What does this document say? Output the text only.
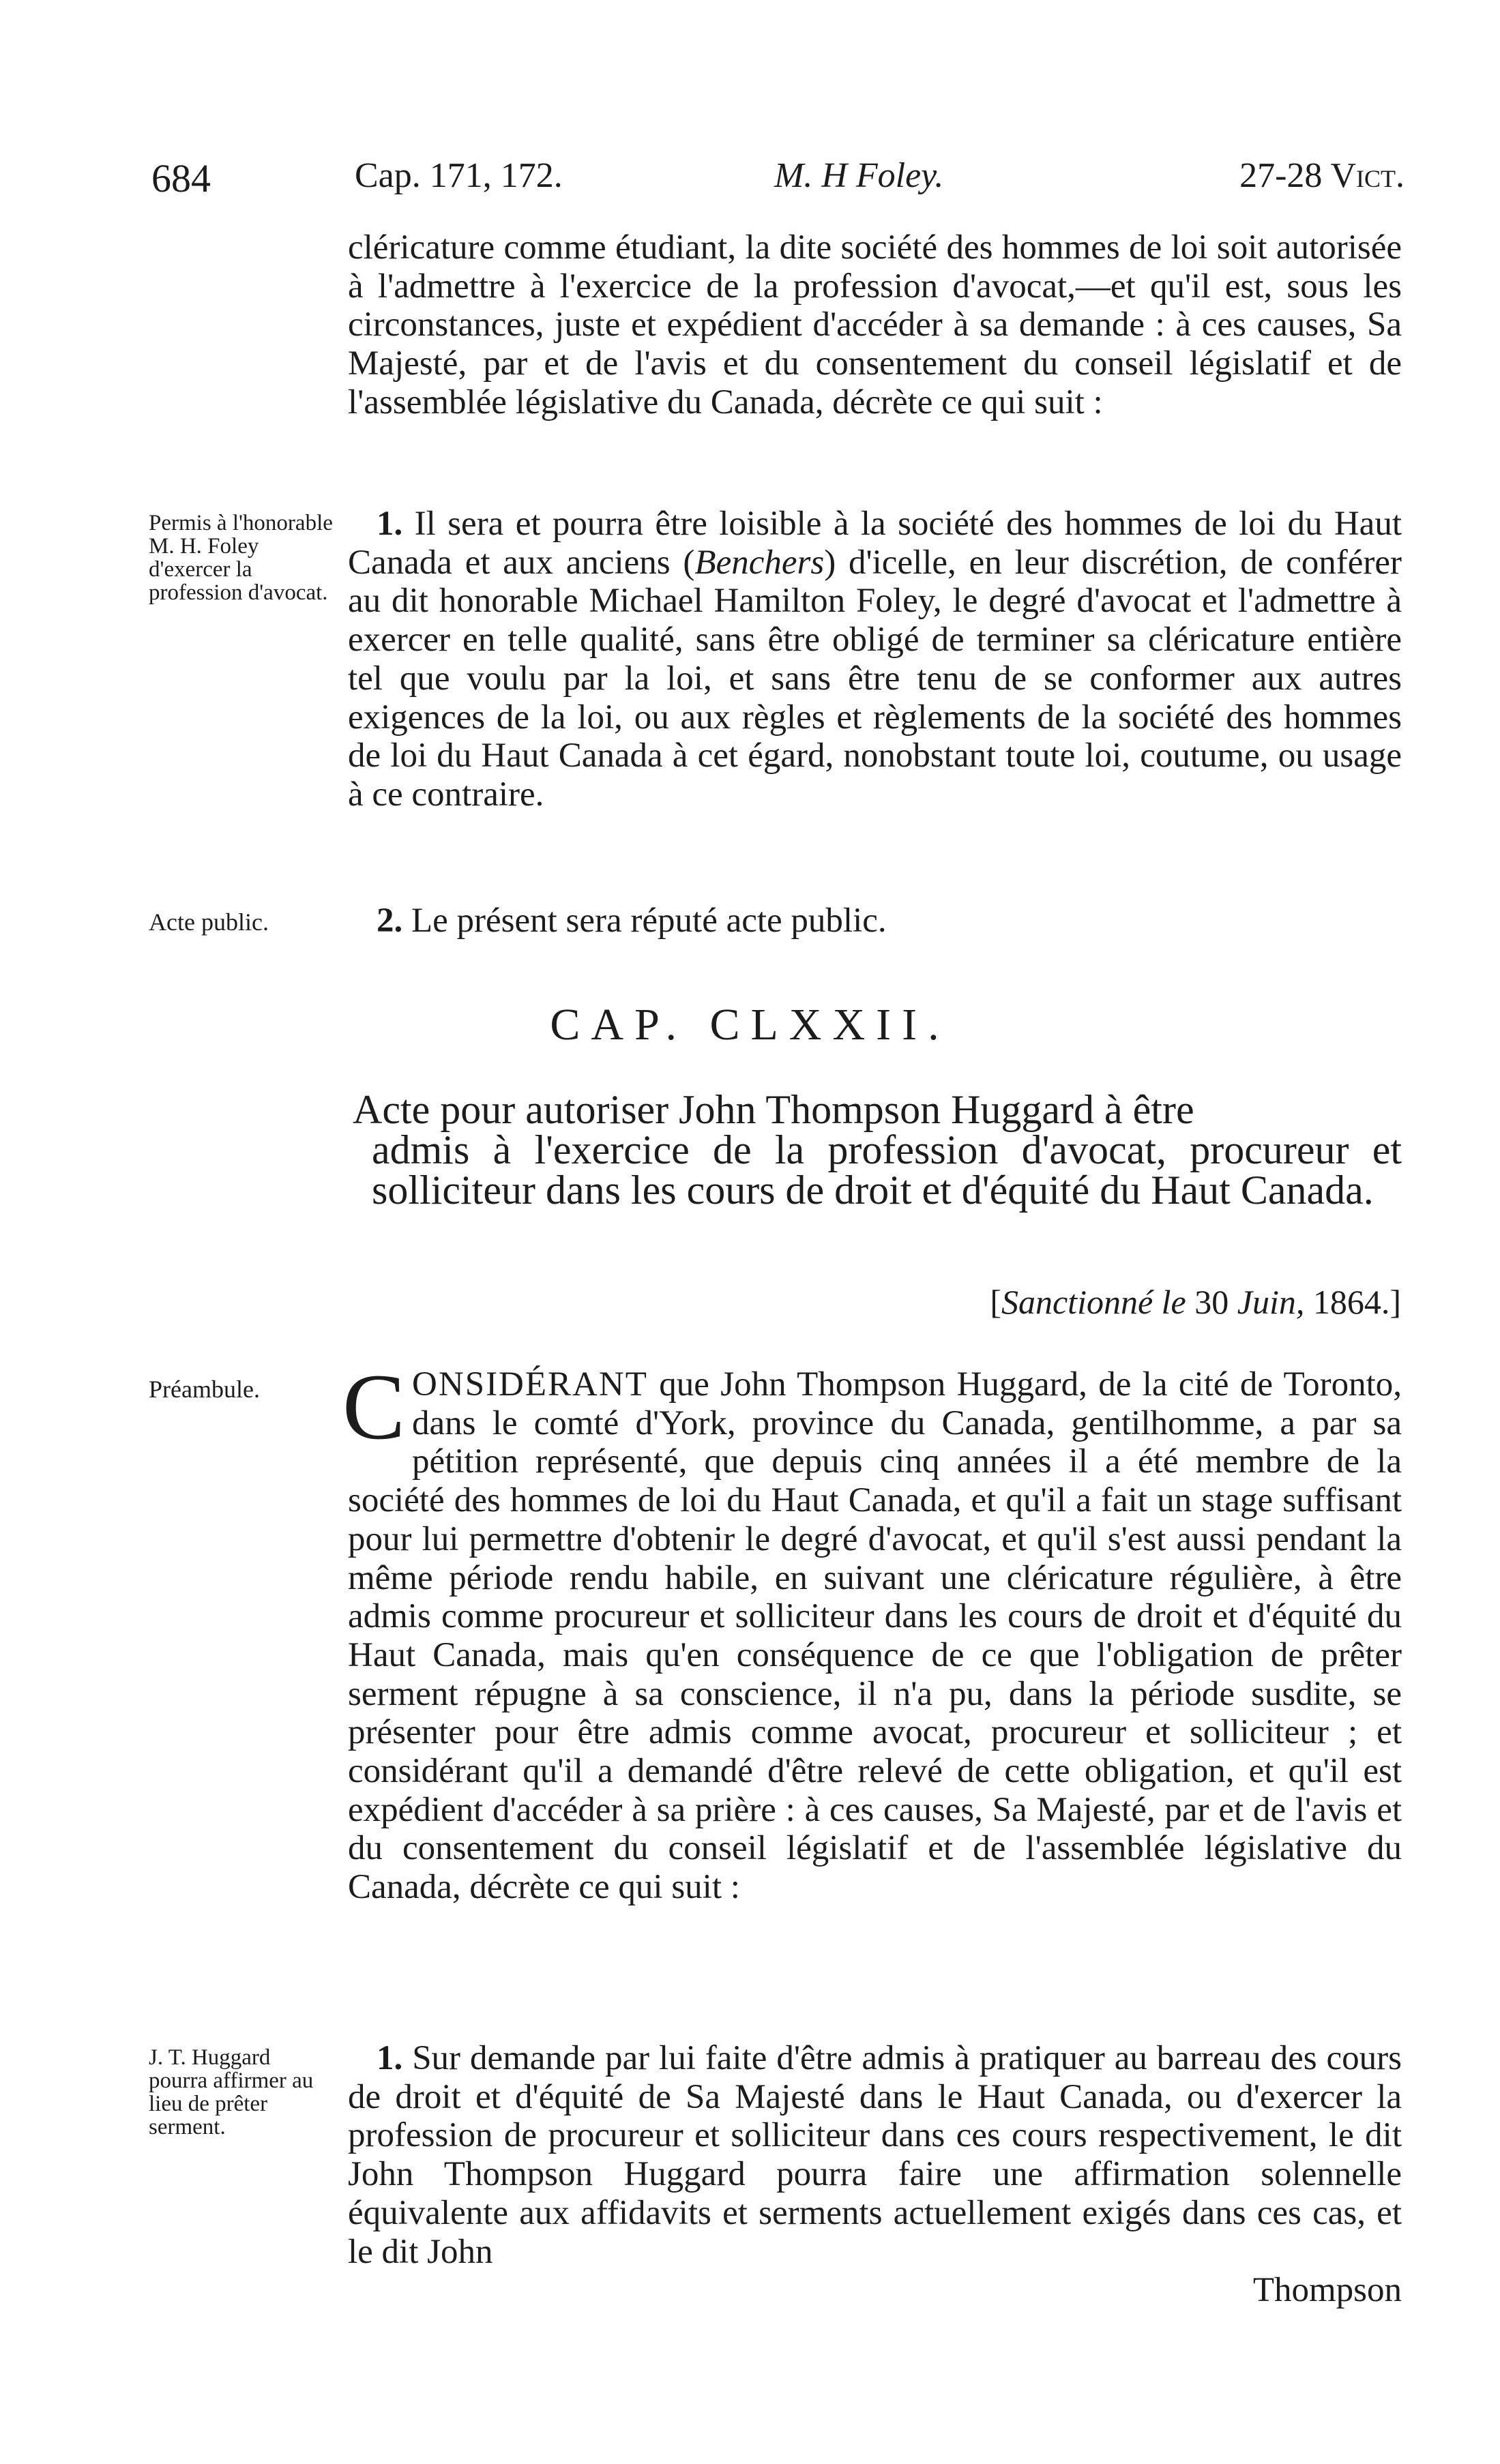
684	Cap. 171, 172.	M. H Foley.	27-28 Vict.
cléricature comme étudiant, la dite société des hommes de loi soit autorisée à l'admettre à l'exercice de la profession d'avocat,—et qu'il est, sous les circonstances, juste et expédient d'accéder à sa demande : à ces causes, Sa Majesté, par et de l'avis et du consentement du conseil législatif et de l'assemblée législative du Canada, décrète ce qui suit :
Permis à l'honorable M. H. Foley d'exercer la profession d'avocat.
1. Il sera et pourra être loisible à la société des hommes de loi du Haut Canada et aux anciens (Benchers) d'icelle, en leur discrétion, de conférer au dit honorable Michael Hamilton Foley, le degré d'avocat et l'admettre à exercer en telle qualité, sans être obligé de terminer sa cléricature entière tel que voulu par la loi, et sans être tenu de se conformer aux autres exigences de la loi, ou aux règles et règlements de la société des hommes de loi du Haut Canada à cet égard, nonobstant toute loi, coutume, ou usage à ce contraire.
Acte public.	2. Le présent sera réputé acte public.
CAP. CLXXII.
Acte pour autoriser John Thompson Huggard à être
admis à l'exercice de la profession d'avocat, procureur et solliciteur dans les cours de droit et d'équité du Haut Canada.
[Sanctionné le 30 Juin, 1864.]
Préambule. CONSIDÉRANT que John Thompson Huggard, de la cité de Toronto, dans le comté d'York, province du Canada, gentilhomme, a par sa pétition représenté, que depuis cinq années il a été membre de la société des hommes de loi du Haut Canada, et qu'il a fait un stage suffisant pour lui permettre d'obtenir le degré d'avocat, et qu'il s'est aussi pendant la même période rendu habile, en suivant une cléricature régulière, à être admis comme procureur et solliciteur dans les cours de droit et d'équité du Haut Canada, mais qu'en conséquence de ce que l'obligation de prêter serment répugne à sa conscience, il n'a pu, dans la période susdite, se présenter pour être admis comme avocat, procureur et solliciteur ; et considérant qu'il a demandé d'être relevé de cette obligation, et qu'il est expédient d'accéder à sa prière : à ces causes, Sa Majesté, par et de l'avis et du consentement du conseil législatif et de l'assemblée législative du Canada, décrète ce qui suit :
J. T. Huggard pourra affirmer au lieu de prêter serment.
1. Sur demande par lui faite d'être admis à pratiquer au barreau des cours de droit et d'équité de Sa Majesté dans le Haut Canada, ou d'exercer la profession de procureur et solliciteur dans ces cours respectivement, le dit John Thompson Huggard pourra faire une affirmation solennelle équivalente aux affidavits et serments actuellement exigés dans ces cas, et le dit John
Thompson
